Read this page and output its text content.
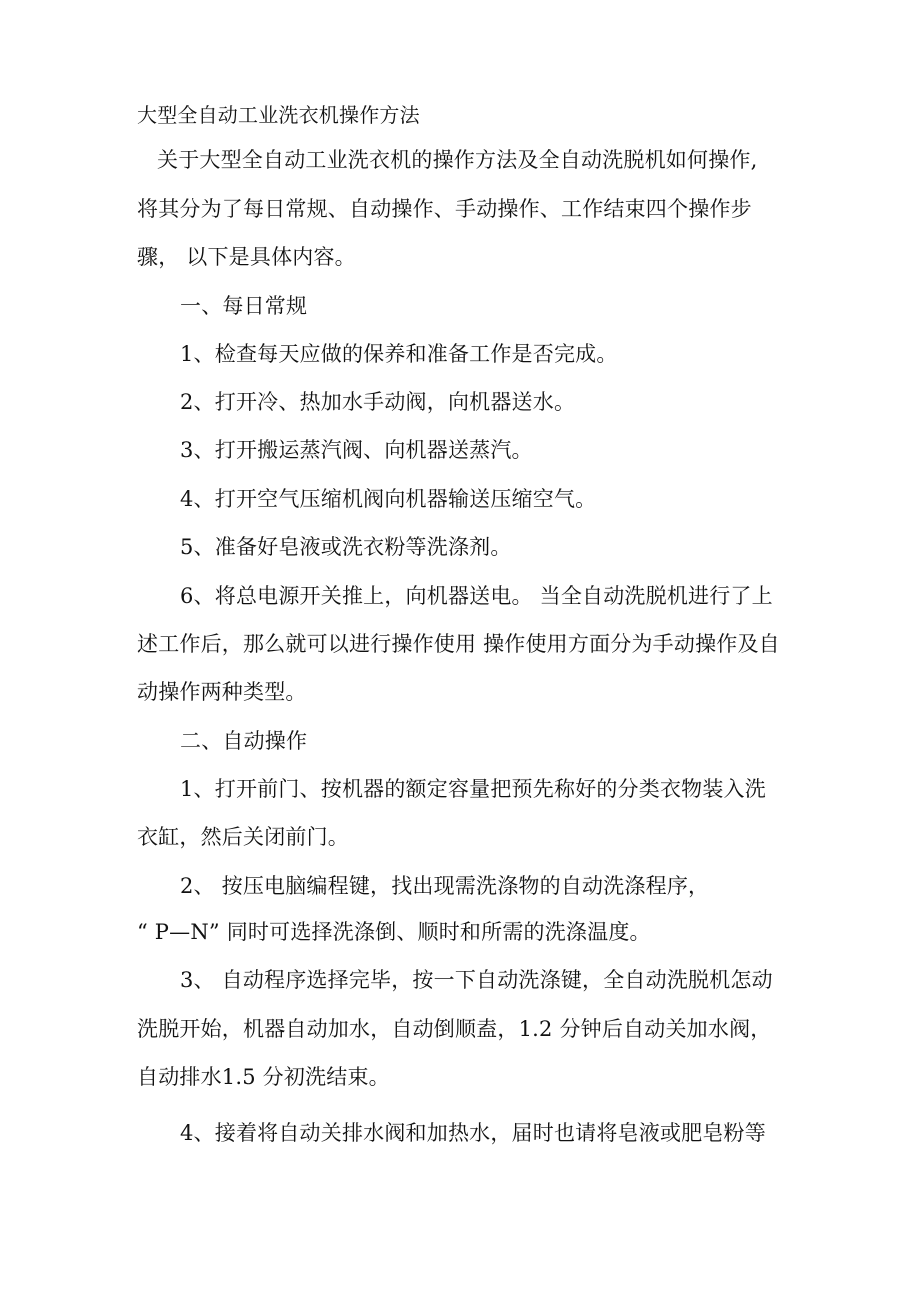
大型全自动工业洗衣机操作方法

关于大型全自动工业洗衣机的操作方法及全自动洗脱机如何操作,

将其分为了每日常规、自动操作、手动操作、工作结束四个操作步

骤， 以下是具体内容。

一、每日常规

1、检查每天应做的保养和准备工作是否完成。

2、打开冷、热加水手动阀，向机器送水。

3、打开搬运蒸汽阀、向机器送蒸汽。

4、打开空气压缩机阀向机器输送压缩空气。

5、准备好皂液或洗衣粉等洗涤剂。

6、将总电源开关推上，向机器送电。 当全自动洗脱机进行了上

述工作后，那么就可以进行操作使用 操作使用方面分为手动操作及自

动操作两种类型。

二、自动操作

1、打开前门、按机器的额定容量把预先称好的分类衣物装入洗

衣缸，然后关闭前门。

2、 按压电脑编程键，找出现需洗涤物的自动洗涤程序，

“ P—N” 同时可选择洗涤倒、顺时和所需的洗涤温度。

3、 自动程序选择完毕，按一下自动洗涤键，全自动洗脱机怎动

洗脱开始，机器自动加水，自动倒顺盍，1.2 分钟后自动关加水阀，

自动排水1.5 分初洗结束。

4、接着将自动关排水阀和加热水，届时也请将皂液或肥皂粉等
